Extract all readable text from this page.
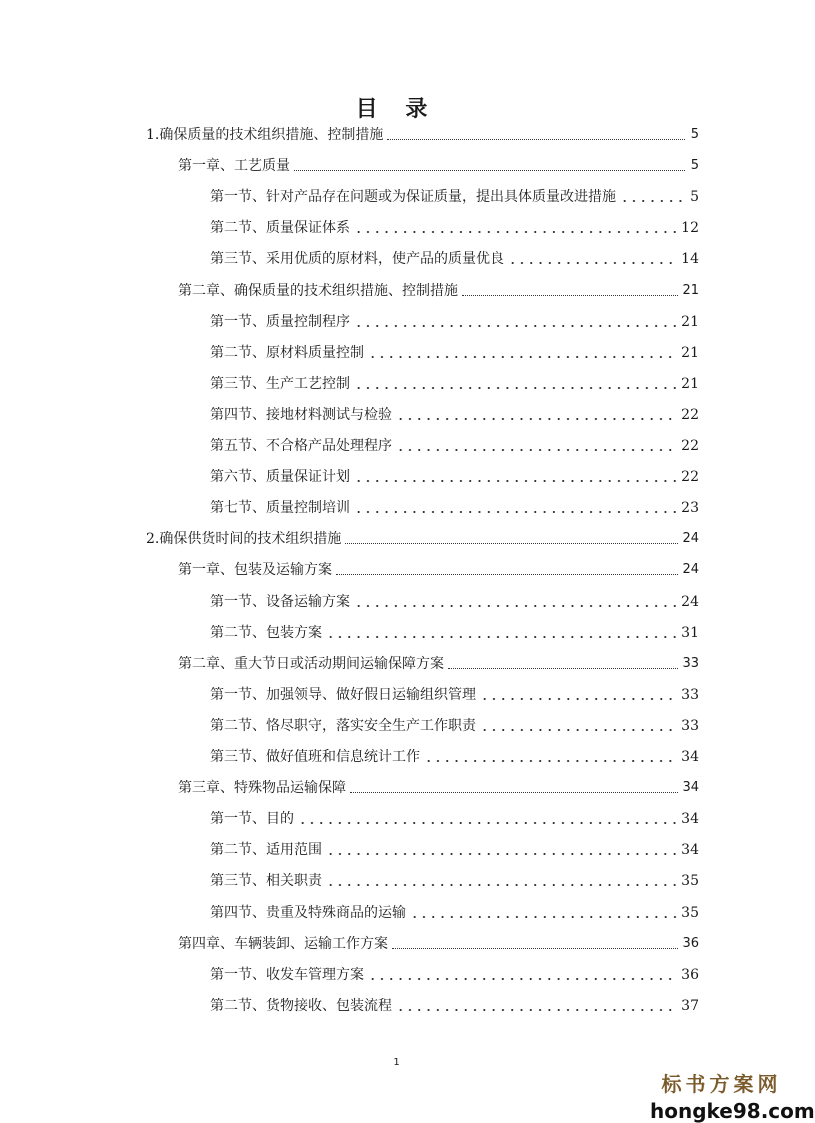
目 录
1.确保质量的技术组织措施、控制措施	5
第一章、工艺质量	5
第一节、针对产品存在问题或为保证质量，提出具体质量改进措施	5
第二节、质量保证体系	12
第三节、采用优质的原材料，使产品的质量优良	14
第二章、确保质量的技术组织措施、控制措施	21
第一节、质量控制程序	21
第二节、原材料质量控制	21
第三节、生产工艺控制	21
第四节、接地材料测试与检验	22
第五节、不合格产品处理程序	22
第六节、质量保证计划	22
第七节、质量控制培训	23
2.确保供货时间的技术组织措施	24
第一章、包装及运输方案	24
第一节、设备运输方案	24
第二节、包装方案	31
第二章、重大节日或活动期间运输保障方案	33
第一节、加强领导、做好假日运输组织管理	33
第二节、恪尽职守，落实安全生产工作职责	33
第三节、做好值班和信息统计工作	34
第三章、特殊物品运输保障	34
第一节、目的	34
第二节、适用范围	34
第三节、相关职责	35
第四节、贵重及特殊商品的运输	35
第四章、车辆装卸、运输工作方案	36
第一节、收发车管理方案	36
第二节、货物接收、包装流程	37
1
标书方案网
hongke98.com
